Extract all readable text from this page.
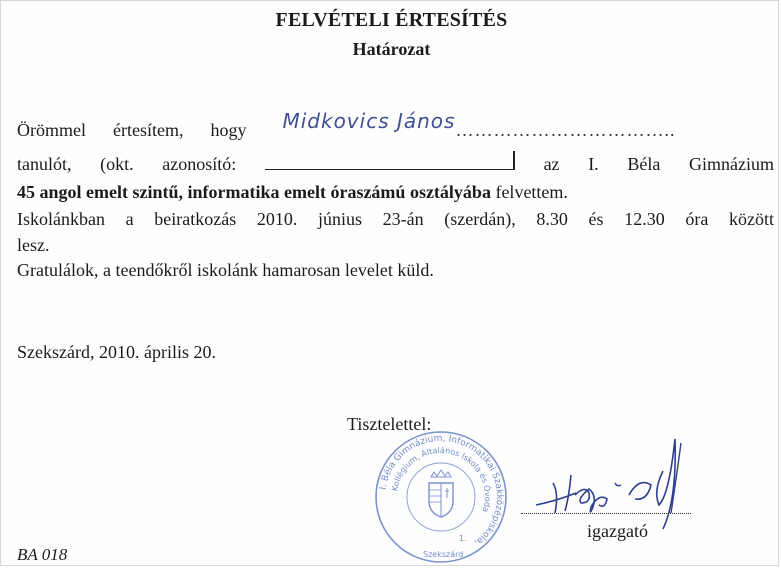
FELVÉTELI ÉRTESÍTÉS
Határozat
Örömmel értesítem, hogy Midkovics János……………………………..
tanulót, (okt. azonosító:	az I. Béla Gimnázium
45 angol emelt szintű, informatika emelt óraszámú osztályába felvettem.
Iskolánkban a beiratkozás 2010. június 23-án (szerdán), 8.30 és 12.30 óra között
lesz.
Gratulálok, a teendőkről iskolánk hamarosan levelet küld.
Szekszárd, 2010. április 20.
Tisztelettel:
I. Béla Gimnázium, Informatikai Szakközépiskola,
Kollégium, Általános Iskola és Óvoda
1.
Szekszárd
igazgató
BA 018
